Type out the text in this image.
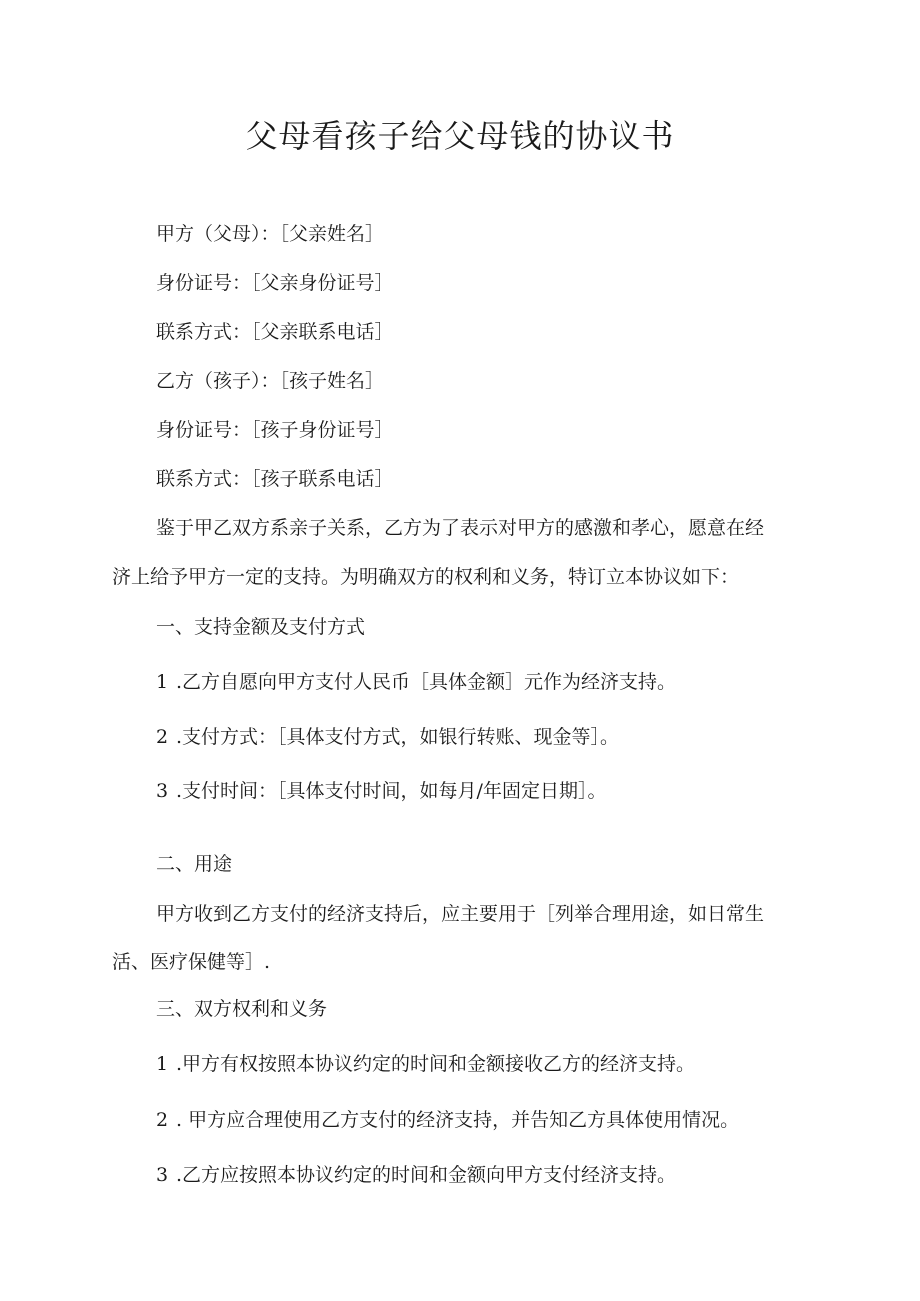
父母看孩子给父母钱的协议书
甲方（父母）：［父亲姓名］
身份证号：［父亲身份证号］
联系方式：［父亲联系电话］
乙方（孩子）：［孩子姓名］
身份证号：［孩子身份证号］
联系方式：［孩子联系电话］
鉴于甲乙双方系亲子关系，乙方为了表示对甲方的感激和孝心，愿意在经
济上给予甲方一定的支持。为明确双方的权利和义务，特订立本协议如下：
一、支持金额及支付方式
1 .乙方自愿向甲方支付人民币［具体金额］元作为经济支持。
2 .支付方式：［具体支付方式，如银行转账、现金等］。
3 .支付时间：［具体支付时间，如每月/年固定日期］。
二、用途
甲方收到乙方支付的经济支持后，应主要用于［列举合理用途，如日常生
活、医疗保健等］.
三、双方权利和义务
1 .甲方有权按照本协议约定的时间和金额接收乙方的经济支持。
2 . 甲方应合理使用乙方支付的经济支持，并告知乙方具体使用情况。
3 .乙方应按照本协议约定的时间和金额向甲方支付经济支持。
